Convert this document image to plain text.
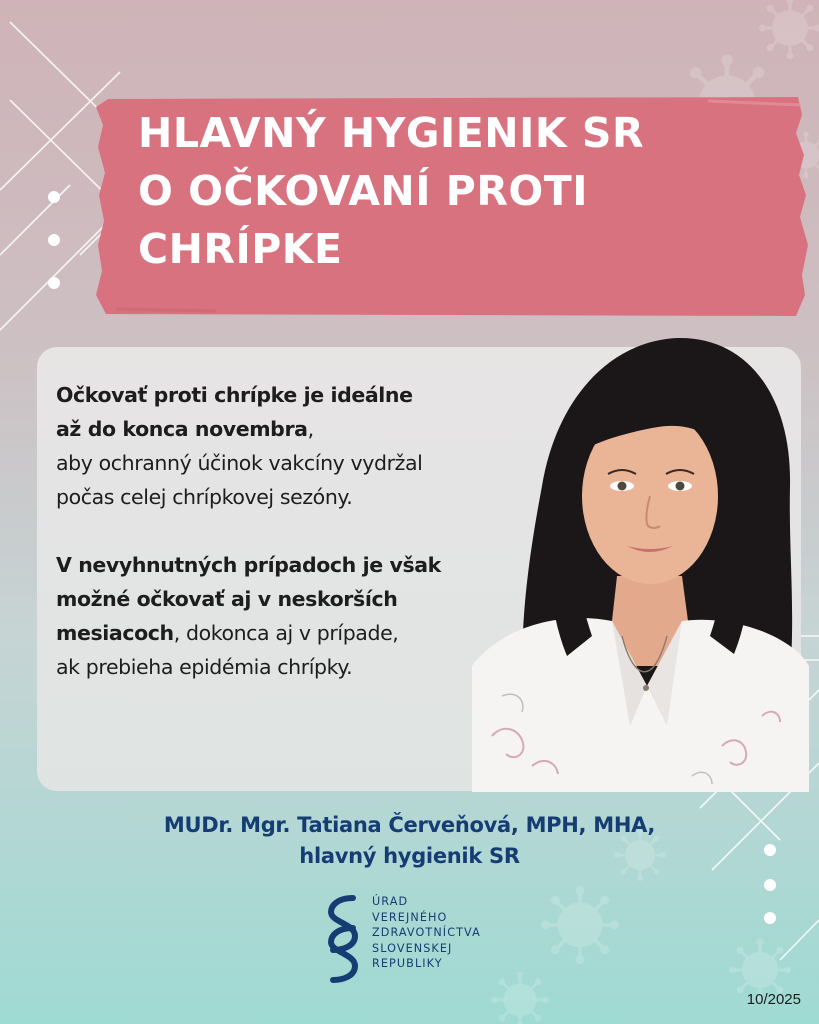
HLAVNÝ HYGIENIK SR
O OČKOVANÍ PROTI
CHRÍPKE

Očkovať proti chrípke je ideálne
až do konca novembra,
aby ochranný účinok vakcíny vydržal
počas celej chrípkovej sezóny.

V nevyhnutných prípadoch je však
možné očkovať aj v neskorších
mesiacoch, dokonca aj v prípade,
ak prebieha epidémia chrípky.

MUDr. Mgr. Tatiana Červeňová, MPH, MHA,
hlavný hygienik SR
ÚRAD
VEREJNÉHO
ZDRAVOTNÍCTVA
SLOVENSKEJ
REPUBLIKY
10/2025
